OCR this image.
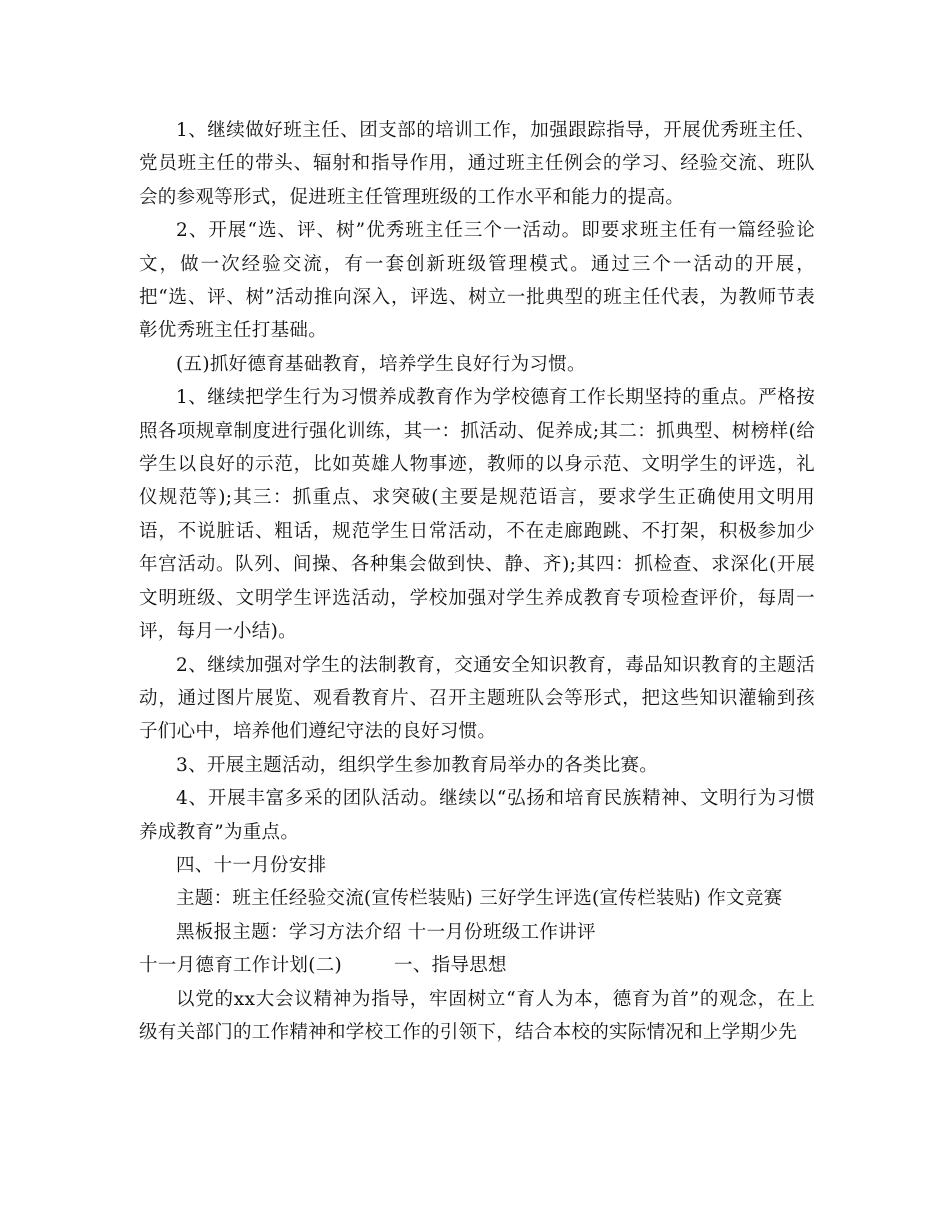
1、继续做好班主任、团支部的培训工作，加强跟踪指导，开展优秀班主任、党员班主任的带头、辐射和指导作用，通过班主任例会的学习、经验交流、班队会的参观等形式，促进班主任管理班级的工作水平和能力的提高。

2、开展“选、评、树”优秀班主任三个一活动。即要求班主任有一篇经验论文，做一次经验交流，有一套创新班级管理模式。通过三个一活动的开展，把“选、评、树”活动推向深入，评选、树立一批典型的班主任代表，为教师节表彰优秀班主任打基础。

(五)抓好德育基础教育，培养学生良好行为习惯。

1、继续把学生行为习惯养成教育作为学校德育工作长期坚持的重点。严格按照各项规章制度进行强化训练，其一：抓活动、促养成;其二：抓典型、树榜样(给学生以良好的示范，比如英雄人物事迹，教师的以身示范、文明学生的评选，礼仪规范等);其三：抓重点、求突破(主要是规范语言，要求学生正确使用文明用语，不说脏话、粗话，规范学生日常活动，不在走廊跑跳、不打架，积极参加少年宫活动。队列、间操、各种集会做到快、静、齐);其四：抓检查、求深化(开展文明班级、文明学生评选活动，学校加强对学生养成教育专项检查评价，每周一评，每月一小结)。

2、继续加强对学生的法制教育，交通安全知识教育，毒品知识教育的主题活动，通过图片展览、观看教育片、召开主题班队会等形式，把这些知识灌输到孩子们心中，培养他们遵纪守法的良好习惯。

3、开展主题活动，组织学生参加教育局举办的各类比赛。

4、开展丰富多采的团队活动。继续以“弘扬和培育民族精神、文明行为习惯养成教育”为重点。

四、十一月份安排

主题：班主任经验交流(宣传栏装贴) 三好学生评选(宣传栏装贴) 作文竞赛

黑板报主题：学习方法介绍 十一月份班级工作讲评

十一月德育工作计划(二)	一、指导思想

以党的xx大会议精神为指导，牢固树立“育人为本，德育为首”的观念，在上级有关部门的工作精神和学校工作的引领下，结合本校的实际情况和上学期少先
